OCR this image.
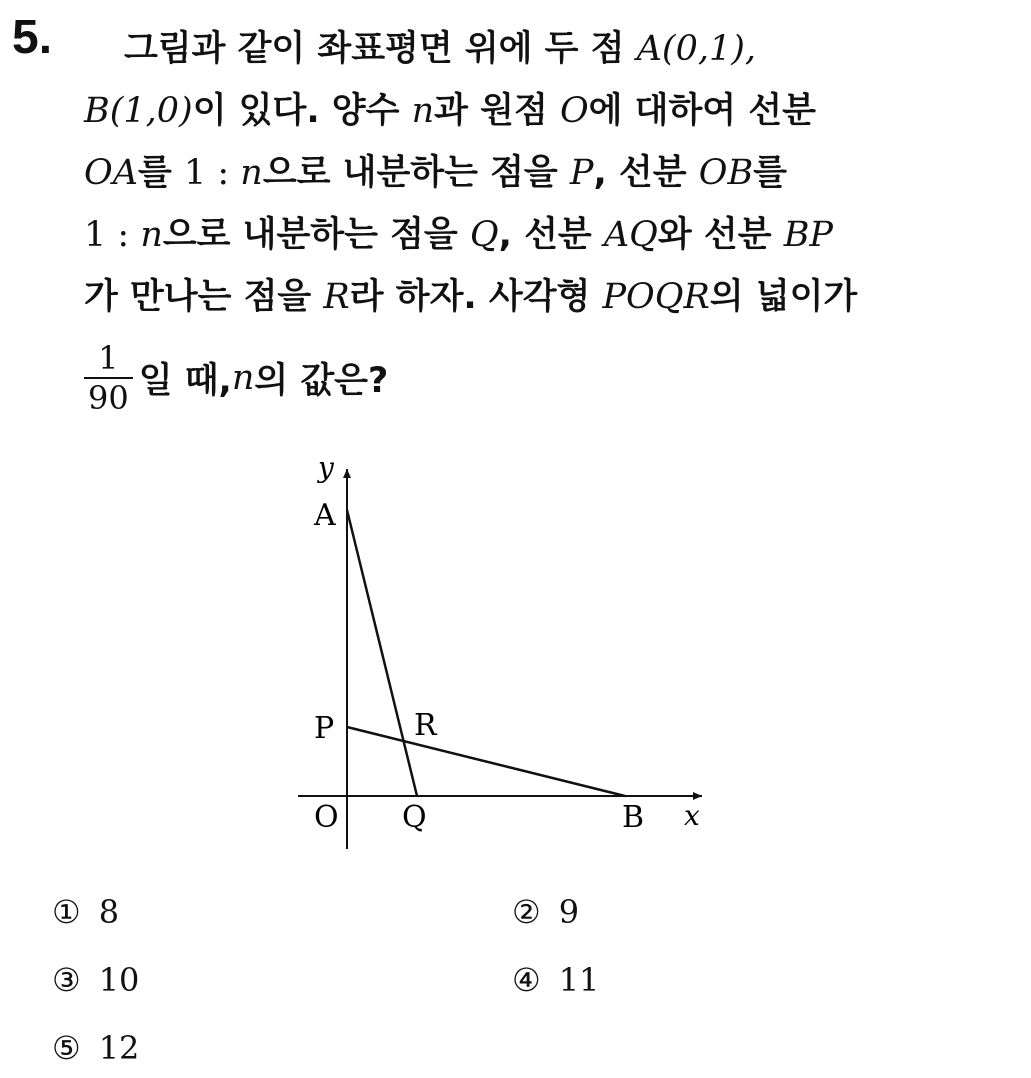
5.	그림과 같이 좌표평면 위에 두 점 A(0,1),
B(1,0)이 있다. 양수 n과 원점 O에 대하여 선분
OA를 1 : n으로 내분하는 점을 P, 선분 OB를
1 : n으로 내분하는 점을 Q, 선분 AQ와 선분 BP
가 만나는 점을 R라 하자. 사각형 POQR의 넓이가
$\frac{1}{90}$ 일 때, n 의 값은?
y
A
P	R
O Q	B x
① 8	② 9
③ 10	④ 11
⑤ 12
